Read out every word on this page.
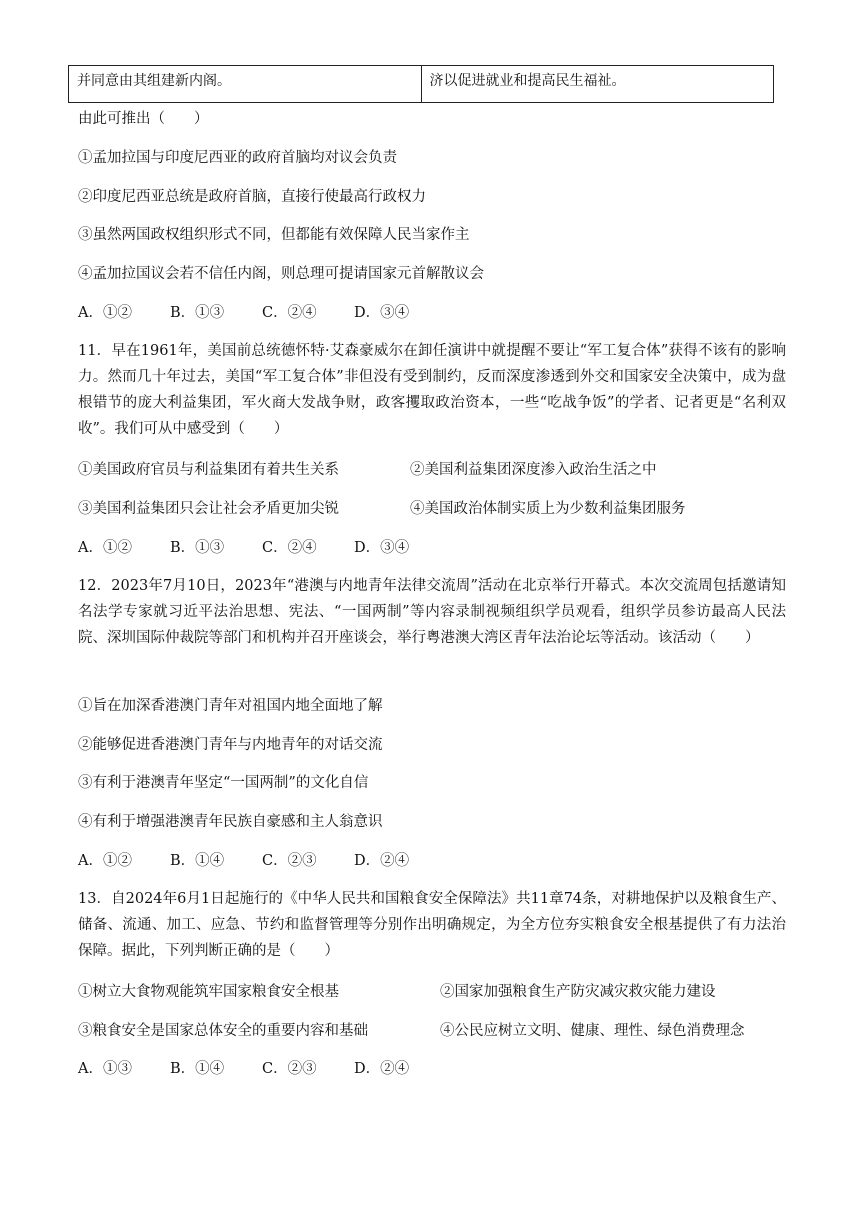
并同意由其组建新内阁。	济以促进就业和提高民生福祉。
由此可推出（　　）
①孟加拉国与印度尼西亚的政府首脑均对议会负责
②印度尼西亚总统是政府首脑，直接行使最高行政权力
③虽然两国政权组织形式不同，但都能有效保障人民当家作主
④孟加拉国议会若不信任内阁，则总理可提请国家元首解散议会
A．①②	B．①③	C．②④	D．③④
11．早在1961年，美国前总统德怀特·艾森豪威尔在卸任演讲中就提醒不要让“军工复合体”获得不该有的影响力。然而几十年过去，美国“军工复合体”非但没有受到制约，反而深度渗透到外交和国家安全决策中，成为盘根错节的庞大利益集团，军火商大发战争财，政客攫取政治资本，一些“吃战争饭”的学者、记者更是“名利双收”。我们可从中感受到（　　）
①美国政府官员与利益集团有着共生关系	②美国利益集团深度渗入政治生活之中
③美国利益集团只会让社会矛盾更加尖锐	④美国政治体制实质上为少数利益集团服务
A．①②	B．①③	C．②④	D．③④
12．2023年7月10日，2023年“港澳与内地青年法律交流周”活动在北京举行开幕式。本次交流周包括邀请知名法学专家就习近平法治思想、宪法、“一国两制”等内容录制视频组织学员观看，组织学员参访最高人民法院、深圳国际仲裁院等部门和机构并召开座谈会，举行粤港澳大湾区青年法治论坛等活动。该活动（　　）
①旨在加深香港澳门青年对祖国内地全面地了解
②能够促进香港澳门青年与内地青年的对话交流
③有利于港澳青年坚定“一国两制”的文化自信
④有利于增强港澳青年民族自豪感和主人翁意识
A．①②	B．①④	C．②③	D．②④
13．自2024年6月1日起施行的《中华人民共和国粮食安全保障法》共11章74条，对耕地保护以及粮食生产、储备、流通、加工、应急、节约和监督管理等分别作出明确规定，为全方位夯实粮食安全根基提供了有力法治保障。据此，下列判断正确的是（　　）
①树立大食物观能筑牢国家粮食安全根基	②国家加强粮食生产防灾减灾救灾能力建设
③粮食安全是国家总体安全的重要内容和基础	④公民应树立文明、健康、理性、绿色消费理念
A．①③	B．①④	C．②③	D．②④
